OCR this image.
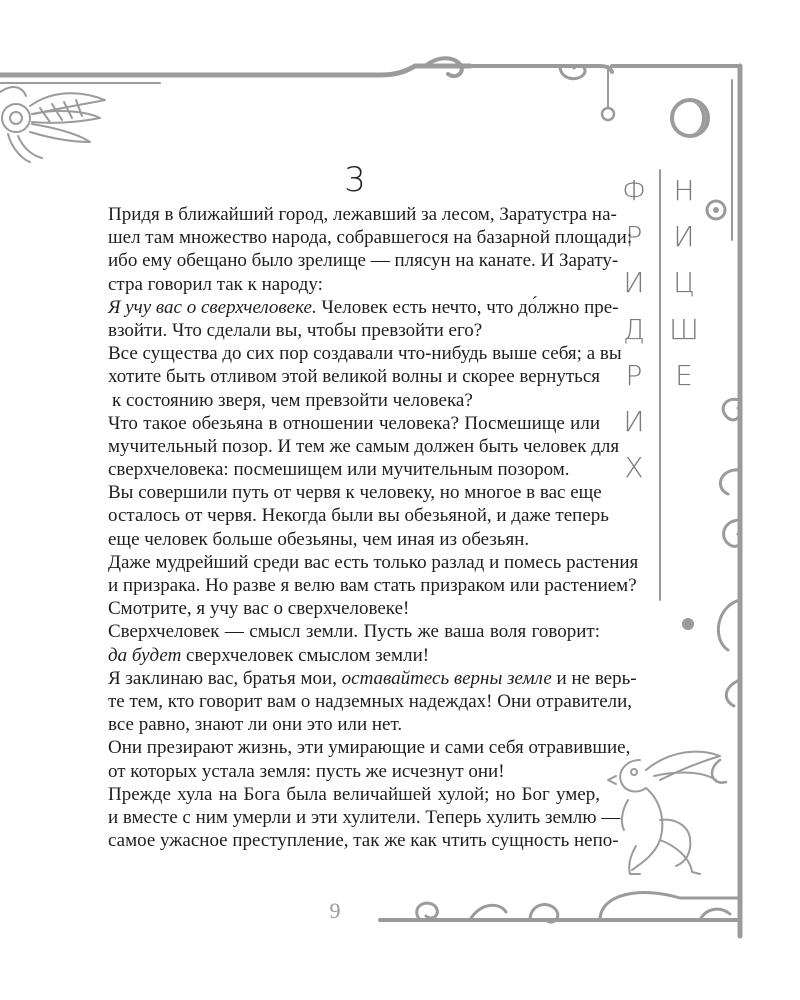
3	Ф
Р
И
Д
Р
И
Х
Н
И
Ц
Ш
Е
Придя в ближайший город, лежавший за лесом, Заратустра на-
шел там множество народа, собравшегося на базарной площади:
ибо ему обещано было зрелище — плясун на канате. И Зарату-
стра говорил так к народу:
Я учу вас о сверхчеловеке. Человек есть нечто, что до́лжно пре-
взойти. Что сделали вы, чтобы превзойти его?
Все существа до сих пор создавали что-нибудь выше себя; а вы
хотите быть отливом этой великой волны и скорее вернуться
к состоянию зверя, чем превзойти человека?
Что такое обезьяна в отношении человека? Посмешище или
мучительный позор. И тем же самым должен быть человек для
сверхчеловека: посмешищем или мучительным позором.
Вы совершили путь от червя к человеку, но многое в вас еще
осталось от червя. Некогда были вы обезьяной, и даже теперь
еще человек больше обезьяны, чем иная из обезьян.
Даже мудрейший среди вас есть только разлад и помесь растения
и призрака. Но разве я велю вам стать призраком или растением?
Смотрите, я учу вас о сверхчеловеке!
Сверхчеловек — смысл земли. Пусть же ваша воля говорит:
да будет сверхчеловек смыслом земли!
Я заклинаю вас, братья мои, оставайтесь верны земле и не верь-
те тем, кто говорит вам о надземных надеждах! Они отравители,
все равно, знают ли они это или нет.
Они презирают жизнь, эти умирающие и сами себя отравившие,
от которых устала земля: пусть же исчезнут они!
Прежде хула на Бога была величайшей хулой; но Бог умер,
и вместе с ним умерли и эти хулители. Теперь хулить землю —
самое ужасное преступление, так же как чтить сущность непо-
9
